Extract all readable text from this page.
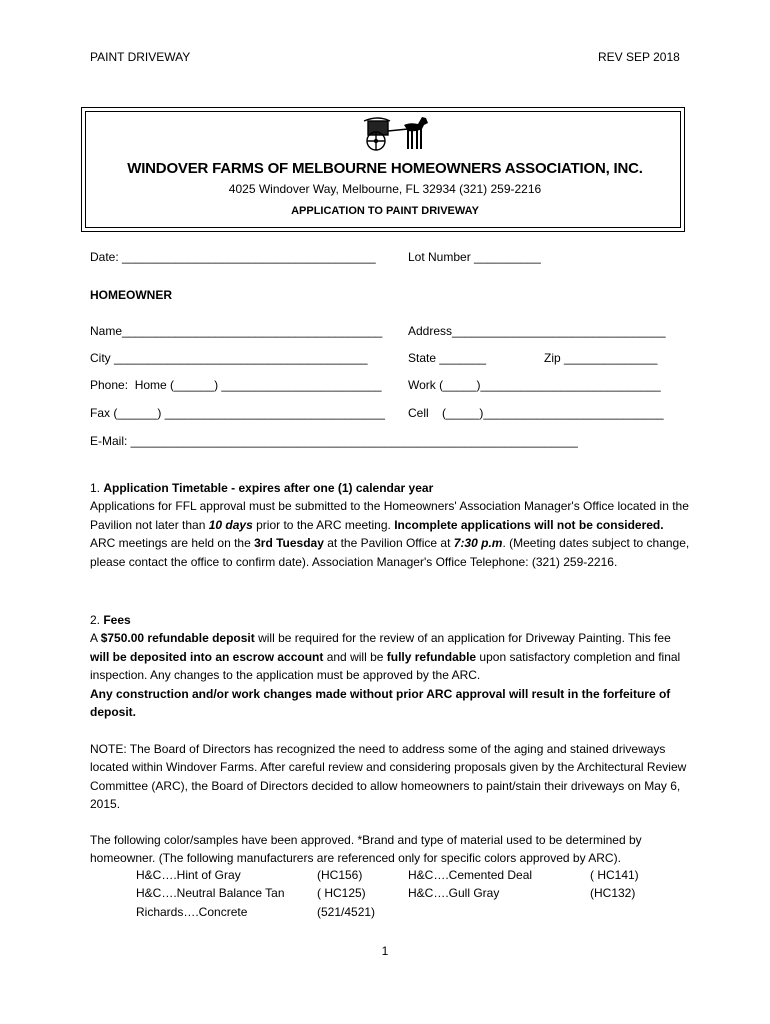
PAINT DRIVEWAY	REV SEP 2018
WINDOVER FARMS OF MELBOURNE HOMEOWNERS ASSOCIATION, INC.
4025 Windover Way, Melbourne, FL 32934 (321) 259-2216
APPLICATION TO PAINT DRIVEWAY
Date: ______________________________________	Lot Number __________
HOMEOWNER
Name_______________________________________ Address________________________________
City ______________________________________	State _______	Zip ______________
Phone:  Home (______) ________________________ Work (_____)___________________________
Fax (______) _________________________________ Cell    (_____)___________________________
E-Mail: ___________________________________________________________________

1. Application Timetable - expires after one (1) calendar year

Applications for FFL approval must be submitted to the Homeowners' Association Manager's Office located in the Pavilion not later than 10 days prior to the ARC meeting. Incomplete applications will not be considered. ARC meetings are held on the 3rd Tuesday at the Pavilion Office at 7:30 p.m. (Meeting dates subject to change, please contact the office to confirm date). Association Manager's Office Telephone: (321) 259-2216.

2. Fees

A $750.00 refundable deposit will be required for the review of an application for Driveway Painting. This fee will be deposited into an escrow account and will be fully refundable upon satisfactory completion and final inspection. Any changes to the application must be approved by the ARC.

Any construction and/or work changes made without prior ARC approval will result in the forfeiture of deposit.

NOTE: The Board of Directors has recognized the need to address some of the aging and stained driveways located within Windover Farms. After careful review and considering proposals given by the Architectural Review Committee (ARC), the Board of Directors decided to allow homeowners to paint/stain their driveways on May 6, 2015.
The following color/samples have been approved. *Brand and type of material used to be determined by homeowner. (The following manufacturers are referenced only for specific colors approved by ARC).
H&C….Hint of Gray	(HC156)	H&C….Cemented Deal	( HC141)
H&C….Neutral Balance Tan	( HC125)	H&C….Gull Gray	(HC132)
Richards….Concrete	(521/4521)
1
